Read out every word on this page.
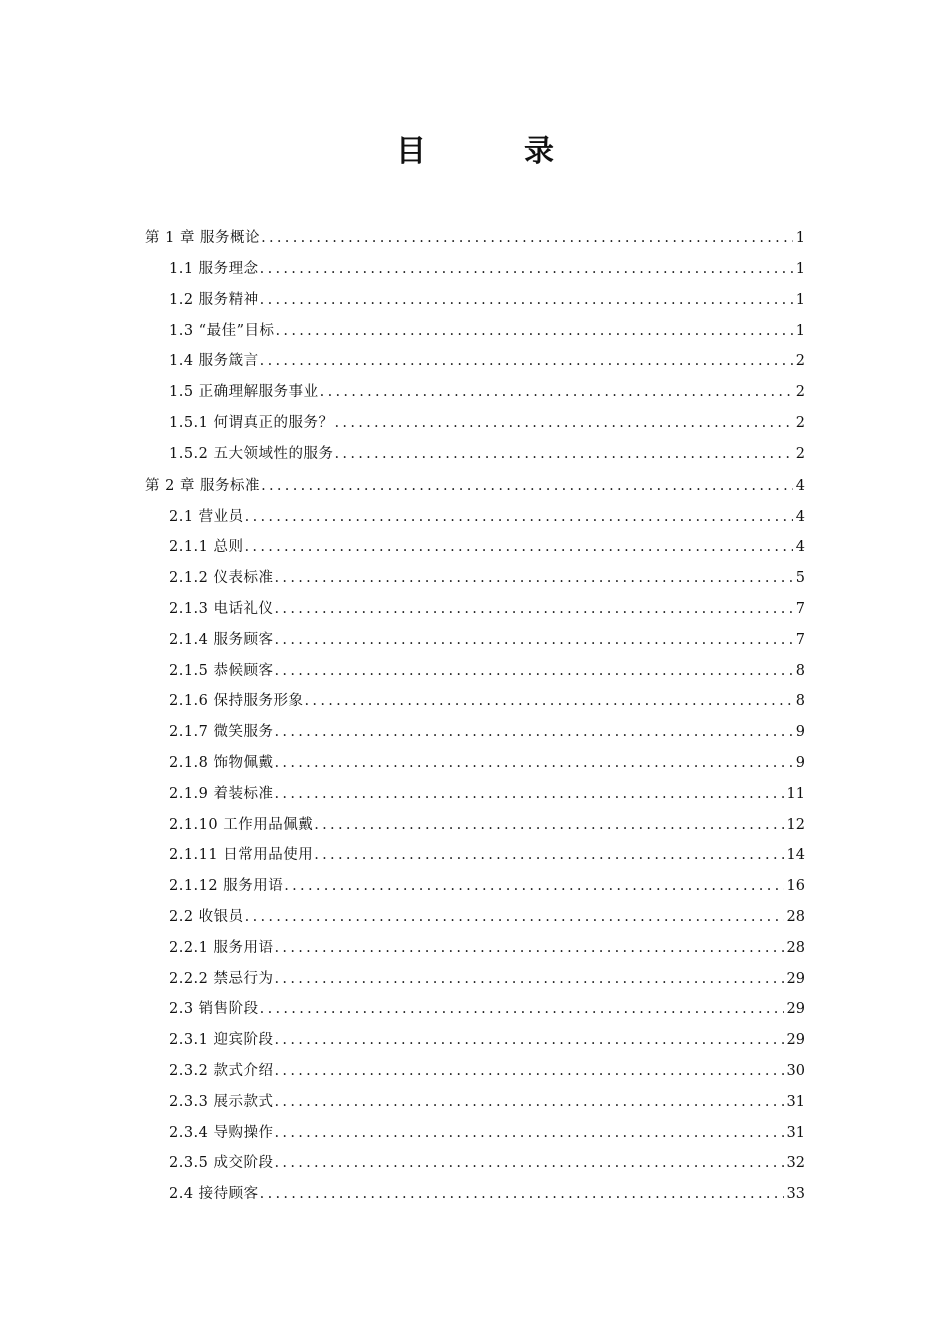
目　录
第 1 章 服务概论 .....	1
1.1 服务理念 .....	1
1.2 服务精神 .....	1
1.3 “最佳”目标 .....	1
1.4 服务箴言 .....	2
1.5 正确理解服务事业 .....	2
1.5.1 何谓真正的服务？ .....	2
1.5.2 五大领域性的服务 .....	2
第 2 章 服务标准 .....	4
2.1 营业员 .....	4
2.1.1 总则 .....	4
2.1.2 仪表标准 .....	5
2.1.3 电话礼仪 .....	7
2.1.4 服务顾客 .....	7
2.1.5 恭候顾客 .....	8
2.1.6 保持服务形象 .....	8
2.1.7 微笑服务 .....	9
2.1.8 饰物佩戴 .....	9
2.1.9 着装标准 .....	11
2.1.10 工作用品佩戴 .....	12
2.1.11 日常用品使用 .....	14
2.1.12 服务用语 .....	16
2.2 收银员 .....	28
2.2.1 服务用语 .....	28
2.2.2 禁忌行为 .....	29
2.3 销售阶段 .....	29
2.3.1 迎宾阶段 .....	29
2.3.2 款式介绍 .....	30
2.3.3 展示款式 .....	31
2.3.4 导购操作 .....	31
2.3.5 成交阶段 .....	32
2.4 接待顾客 .....	33
